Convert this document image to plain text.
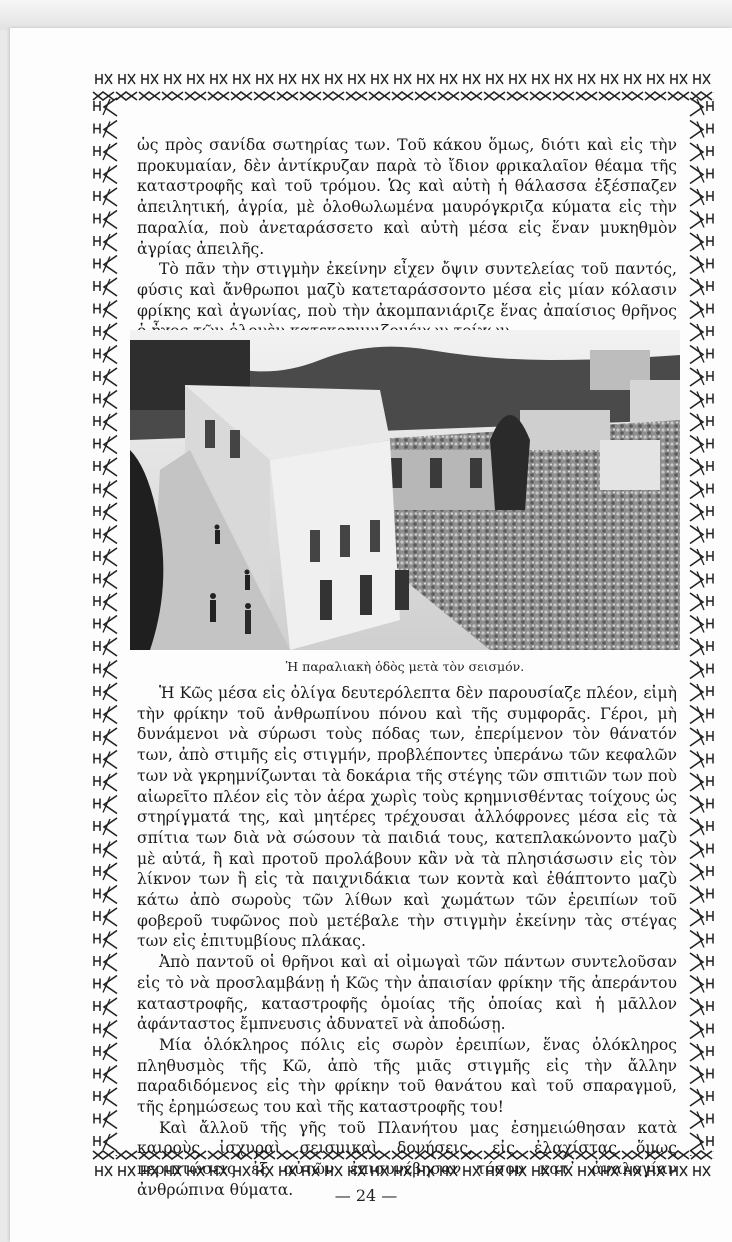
ὡς πρὸς σανίδα σωτηρίας των. Τοῦ κάκου ὅμως, διότι καὶ εἰς τὴν προκυμαίαν, δὲν ἀντίκρυζαν παρὰ τὸ ἴδιον φρικαλαῖον θέαμα τῆς καταστροφῆς καὶ τοῦ τρόμου. Ὡς καὶ αὐτὴ ἡ θάλασσα ἐξέσπαζεν ἀπειλητική, ἀγρία, μὲ ὁλοθωλωμένα μαυρόγκριζα κύματα εἰς τὴν παραλία, ποὺ ἀνεταράσσετο καὶ αὐτὴ μέσα εἰς ἕναν μυκηθμὸν ἀγρίας ἀπειλῆς.

Τὸ πᾶν τὴν στιγμὴν ἐκείνην εἶχεν ὄψιν συντελείας τοῦ παντός, φύσις καὶ ἄνθρωποι μαζὺ κατεταράσσοντο μέσα εἰς μίαν κόλασιν φρίκης καὶ ἀγωνίας, ποὺ τὴν ἀκομπανιάριζε ἕνας ἀπαίσιος θρῆνος

Ἡ παραλιακὴ ὁδὸς μετὰ τὸν σεισμόν.

Ἡ Κῶς μέσα εἰς ὀλίγα δευτερόλεπτα δὲν παρουσίαζε πλέον, εἰμὴ τὴν φρίκην τοῦ ἀνθρωπίνου πόνου καὶ τῆς συμφορᾶς. Γέροι, μὴ δυνάμενοι νὰ σύρωσι τοὺς πόδας των, ἐπερίμενον τὸν θάνατόν των, ἀπὸ στιμῆς εἰς στιγμήν, προβλέποντες ὑπεράνω τῶν κεφαλῶν των νὰ γκρημνίζωνται τὰ δοκάρια τῆς στέγης τῶν σπιτιῶν των ποὺ αἰωρεῖτο πλέον εἰς τὸν ἀέρα χωρὶς τοὺς κρημνισθέντας τοίχους ὡς στηρίγματά της, καὶ μητέρες τρέχουσαι ἀλλόφρονες μέσα εἰς τὰ σπίτια των διὰ νὰ σώσουν τὰ παιδιά τους, κατεπλακώνοντο μαζὺ μὲ αὐτά, ἢ καὶ προτοῦ προλάβουν κἂν νὰ τὰ πλησιάσωσιν εἰς τὸν λίκνον των ἢ εἰς τὰ παιχνιδάκια των κοντὰ καὶ ἐθάπτοντο μαζὺ κάτω ἀπὸ σωροὺς τῶν λίθων καὶ χωμάτων τῶν ἐρειπίων τοῦ φοβεροῦ τυφῶνος ποὺ μετέβαλε τὴν στιγμὴν ἐκείνην τὰς στέγας των εἰς ἐπιτυμβίους πλάκας.

Ἀπὸ παντοῦ οἱ θρῆνοι καὶ αἱ οἰμωγαὶ τῶν πάντων συντελοῦσαν εἰς τὸ νὰ προσλαμβάνῃ ἡ Κῶς τὴν ἀπαισίαν φρίκην τῆς ἀπεράντου καταστροφῆς, καταστροφῆς ὁμοίας τῆς ὁποίας καὶ ἡ μᾶλλον ἀφάνταστος ἔμπνευσις ἀδυνατεῖ νὰ ἀποδώσῃ.

Μία ὁλόκληρος πόλις εἰς σωρὸν ἐρειπίων, ἕνας ὁλόκληρος πληθυσμὸς τῆς Κῶ, ἀπὸ τῆς μιᾶς στιγμῆς εἰς τὴν ἄλλην παραδιδόμενος εἰς τὴν φρίκην τοῦ θανάτου καὶ τοῦ σπαραγμοῦ, τῆς ἐρημώσεως του καὶ τῆς καταστροφῆς του!

Καὶ ἄλλοῦ τῆς γῆς τοῦ Πλανήτου μας ἐσημειώθησαν κατὰ καιροὺς ἰσχυραὶ σεισμικαὶ δονήσεις, εἰς ἐλαχίστας ὅμως περιπτώσεις ἐξ αὐτῶν ἐπισυνέβησαν τόσον κατ᾽ ἀναλογίαν ἀνθρώπινα θύματα.	— 24 —
